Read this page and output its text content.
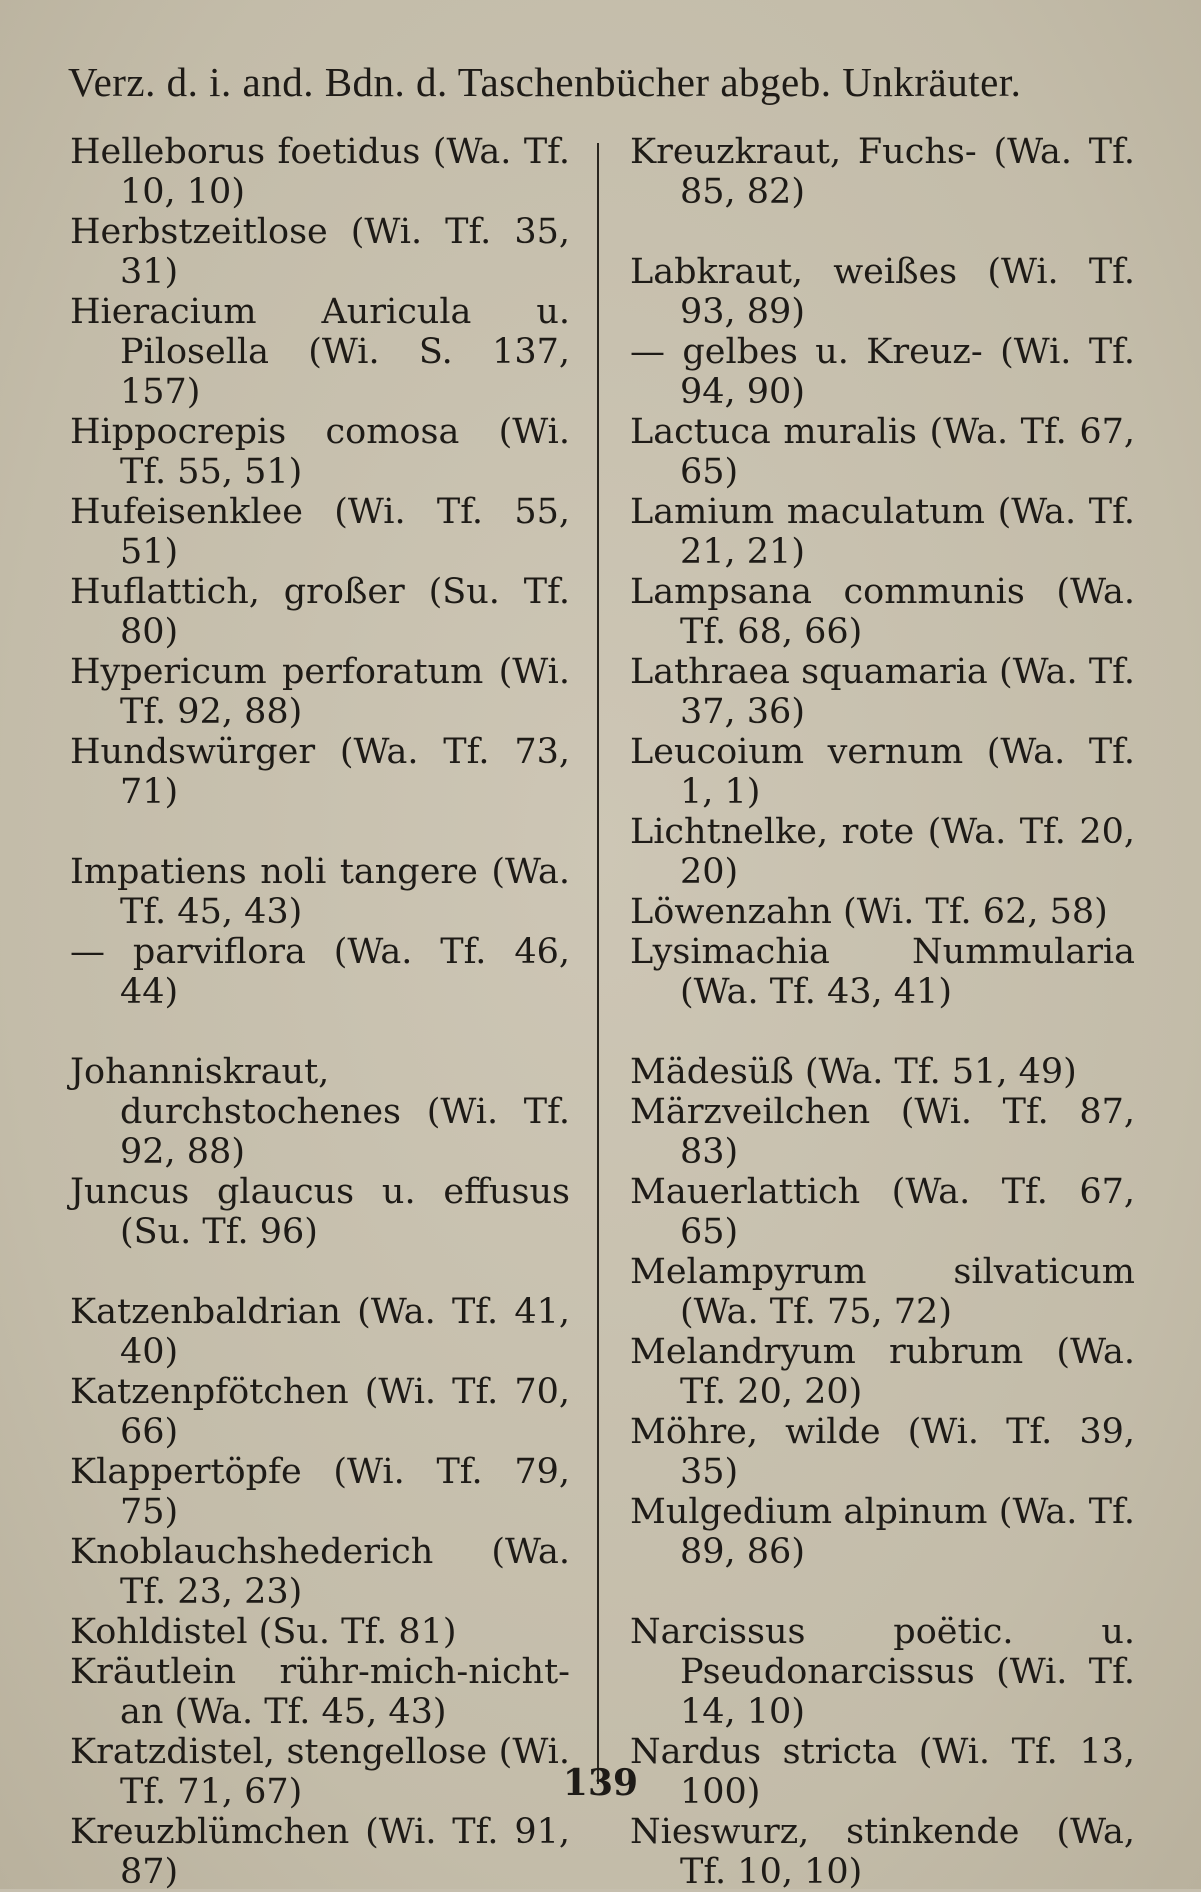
Verz. d. i. and. Bdn. d. Taschenbücher abgeb. Unkräuter.

Helleborus foetidus (Wa. Tf. 10, 10)

Herbstzeitlose (Wi. Tf. 35, 31)

Hieracium Auricula u. Pilosella (Wi. S. 137, 157)

Hippocrepis comosa (Wi. Tf. 55, 51)

Hufeisenklee (Wi. Tf. 55, 51)

Huflattich, großer (Su. Tf. 80)

Hypericum perforatum (Wi. Tf. 92, 88)

Hundswürger (Wa. Tf. 73, 71)

Impatiens noli tangere (Wa. Tf. 45, 43)

— parviflora (Wa. Tf. 46, 44)

Johanniskraut, durchstochenes (Wi. Tf. 92, 88)

Juncus glaucus u. effusus (Su. Tf. 96)

Katzenbaldrian (Wa. Tf. 41, 40)

Katzenpfötchen (Wi. Tf. 70, 66)

Klappertöpfe (Wi. Tf. 79, 75)

Knoblauchshederich (Wa. Tf. 23, 23)

Kohldistel (Su. Tf. 81)

Kräutlein rühr-mich-nicht-an (Wa. Tf. 45, 43)

Kratzdistel, stengellose (Wi. Tf. 71, 67)

Kreuzblümchen (Wi. Tf. 91, 87)

Kreuzkraut, Fuchs- (Wa. Tf. 85, 82)

Labkraut, weißes (Wi. Tf. 93, 89)

— gelbes u. Kreuz- (Wi. Tf. 94, 90)

Lactuca muralis (Wa. Tf. 67, 65)

Lamium maculatum (Wa. Tf. 21, 21)

Lampsana communis (Wa. Tf. 68, 66)

Lathraea squamaria (Wa. Tf. 37, 36)

Leucoium vernum (Wa. Tf. 1, 1)

Lichtnelke, rote (Wa. Tf. 20, 20)

Löwenzahn (Wi. Tf. 62, 58)

Lysimachia Nummularia (Wa. Tf. 43, 41)

Mädesüß (Wa. Tf. 51, 49)

Märzveilchen (Wi. Tf. 87, 83)

Mauerlattich (Wa. Tf. 67, 65)

Melampyrum silvaticum (Wa. Tf. 75, 72)

Melandryum rubrum (Wa. Tf. 20, 20)

Möhre, wilde (Wi. Tf. 39, 35)

Mulgedium alpinum (Wa. Tf. 89, 86)

Narcissus poëtic. u. Pseudonarcissus (Wi. Tf. 14, 10)

Nardus stricta (Wi. Tf. 13, 100)

Nieswurz, stinkende (Wa, Tf. 10, 10)

139
